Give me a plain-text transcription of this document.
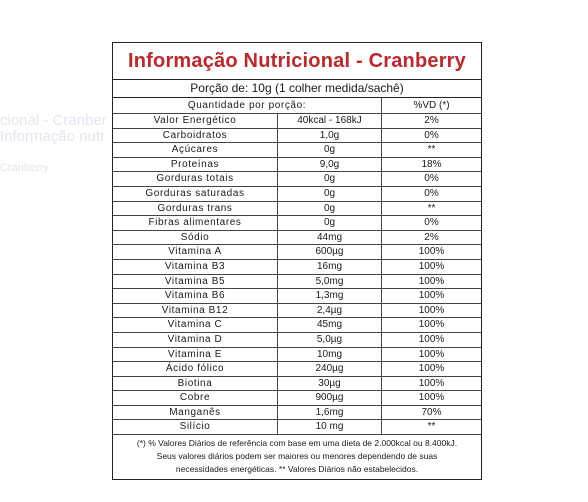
cional - Cranber
Informação nutr
Cranberry
Informação Nutricional - Cranberry
Porção de: 10g (1 colher medida/sachê)
Quantidade por porção:	%VD (*)
Valor Energético	40kcal - 168kJ	2%
Carboidratos	1,0g	0%
Açúcares	0g	**
Proteínas	9,0g	18%
Gorduras totais	0g	0%
Gorduras saturadas	0g	0%
Gorduras trans	0g	**
Fibras alimentares	0g	0%
Sódio	44mg	2%
Vitamina A	600µg	100%
Vitamina B3	16mg	100%
Vitamina B5	5,0mg	100%
Vitamina B6	1,3mg	100%
Vitamina B12	2,4µg	100%
Vitamina C	45mg	100%
Vitamina D	5,0µg	100%
Vitamina E	10mg	100%
Ácido fólico	240µg	100%
Biotina	30µg	100%
Cobre	900µg	100%
Manganês	1,6mg	70%
Silício	10 mg	**
(*) % Valores Diários de referência com base em uma dieta de 2.000kcal ou 8.400kJ.
Seus valores diários podem ser maiores ou menores dependendo de suas
necessidades energéticas. ** Valores Diários não estabelecidos.
